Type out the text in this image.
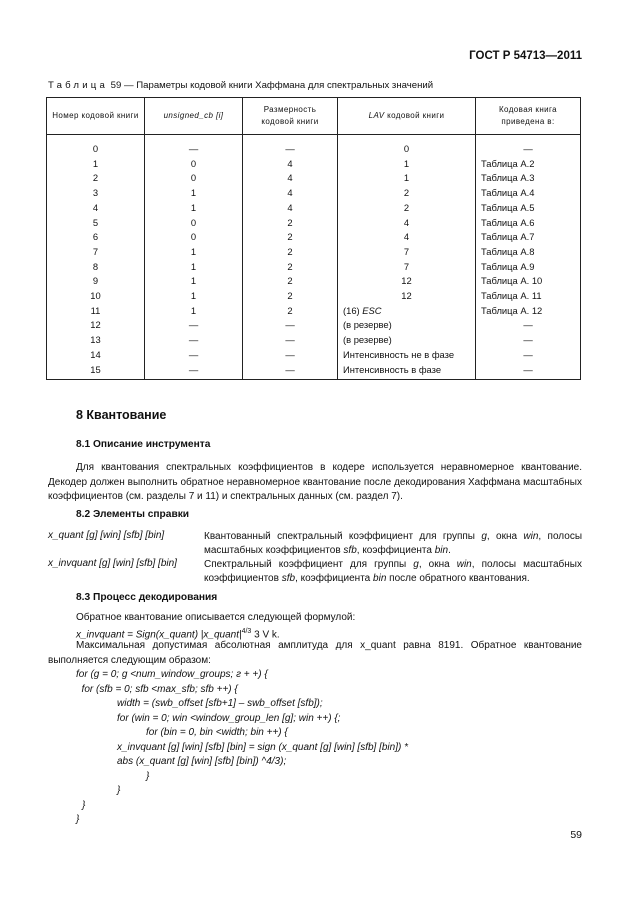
ГОСТ Р 54713—2011
Таблица 59 — Параметры кодовой книги Хаффмана для спектральных значений
Номер кодовой книги	unsigned_cb [i]	Размерность кодовой книги	LAV кодовой книги	Кодовая книга приведена в:

0	—	—	0	—
1	0	4	1	Таблица А.2
2	0	4	1	Таблица А.3
3	1	4	2	Таблица А.4
4	1	4	2	Таблица А.5
5	0	2	4	Таблица А.6
6	0	2	4	Таблица А.7
7	1	2	7	Таблица А.8
8	1	2	7	Таблица А.9
9	1	2	12	Таблица А. 10
10	1	2	12	Таблица А. 11
11	1	2	(16) ESC	Таблица А. 12
12	—	—	(в резерве)	—
13	—	—	(в резерве)	—
14	—	—	Интенсивность не в фазе	—
15	—	—	Интенсивность в фазе	—
8 Квантование
8.1 Описание инструмента
Для квантования спектральных коэффициентов в кодере используется неравномерное квантование. Декодер должен выполнить обратное неравномерное квантование после декодирования Хаффмана масштабных коэффициентов (см. разделы 7 и 11) и спектральных данных (см. раздел 7).
8.2 Элементы справки
x_quant [g] [win] [sfb] [bin]	Квантованный спектральный коэффициент для группы g, окна win, полосы масштабных коэффициентов sfb, коэффициента bin.
x_invquant [g] [win] [sfb] [bin]	Спектральный коэффициент для группы g, окна win, полосы масштабных коэффициентов sfb, коэффициента bin после обратного квантования.
8.3 Процесс декодирования
Обратное квантование описывается следующей формулой:
x_invquant = Sign(x_quant) $|x\_quant|^{4/3}$ 3 V k.
Максимальная допустимая абсолютная амплитуда для x_quant равна 8191. Обратное квантование выполняется следующим образом:
for (g = 0; g <num_window_groups; г + +) {
for (sfb = 0; sfb <max_sfb; sfb ++) {
width = (swb_offset [sfb+1] – swb_offset [sfb]);
for (win = 0; win <window_group_len [g]; win ++) {;
for (bin = 0, bin <width; bin ++) {
x_invquant [g] [win] [sfb] [bin] = sign (x_quant [g] [win] [sfb] [bin]) *
abs (x_quant [g] [win] [sfb] [bin]) ^4/3);
}
}
}
}
59
